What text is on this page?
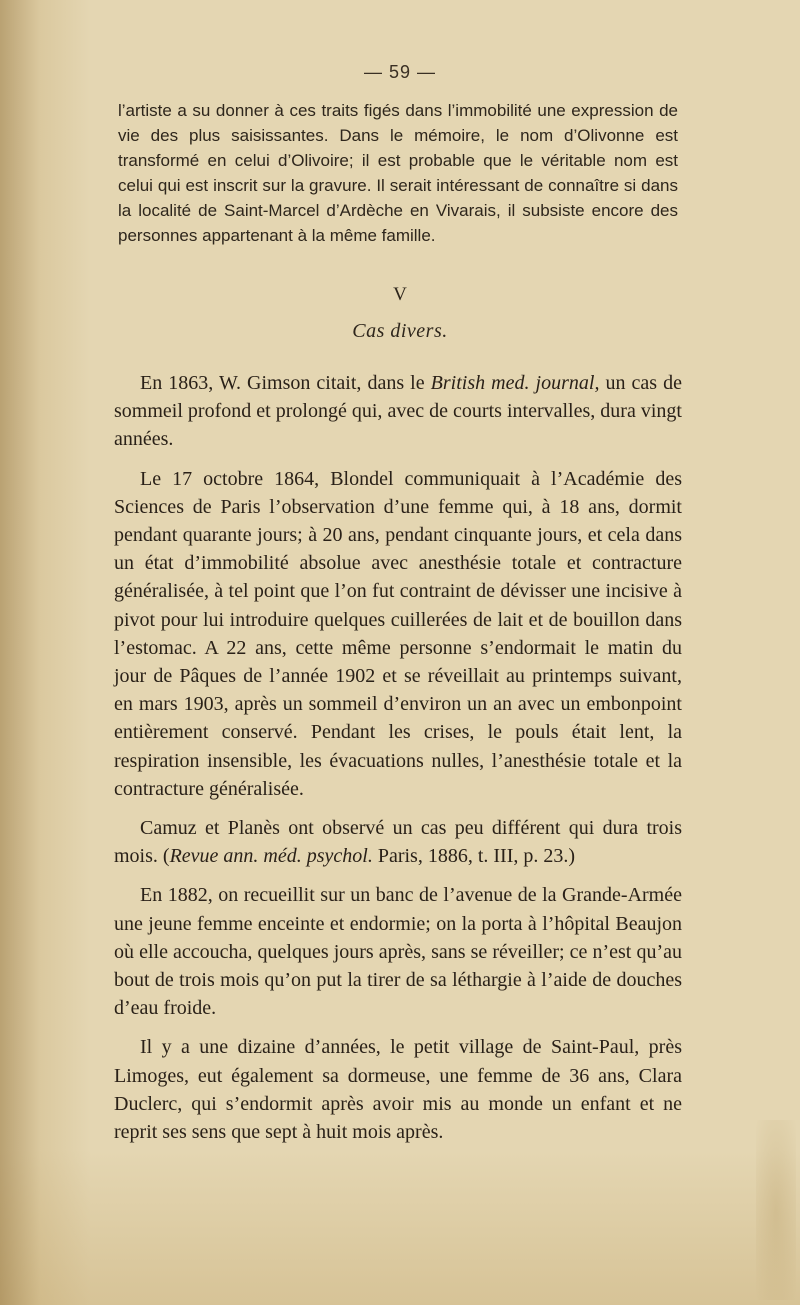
— 59 —
l’artiste a su donner à ces traits figés dans l’immobilité une expression de vie des plus saisissantes. Dans le mémoire, le nom d’Olivonne est transformé en celui d’Olivoire; il est probable que le véritable nom est celui qui est inscrit sur la gravure. Il serait intéressant de connaître si dans la localité de Saint-Marcel d’Ardèche en Vivarais, il subsiste encore des personnes appartenant à la même famille.
V
Cas divers.

En 1863, W. Gimson citait, dans le British med. journal, un cas de sommeil profond et prolongé qui, avec de courts intervalles, dura vingt années.

Le 17 octobre 1864, Blondel communiquait à l’Académie des Sciences de Paris l’observation d’une femme qui, à 18 ans, dormit pendant quarante jours; à 20 ans, pendant cinquante jours, et cela dans un état d’immobilité absolue avec anesthésie totale et contracture généralisée, à tel point que l’on fut contraint de dévisser une incisive à pivot pour lui introduire quelques cuillerées de lait et de bouillon dans l’estomac. A 22 ans, cette même personne s’endormait le matin du jour de Pâques de l’année 1902 et se réveillait au printemps suivant, en mars 1903, après un sommeil d’environ un an avec un embonpoint entièrement conservé. Pendant les crises, le pouls était lent, la respiration insensible, les évacuations nulles, l’anesthésie totale et la contracture généralisée.

Camuz et Planès ont observé un cas peu différent qui dura trois mois. (Revue ann. méd. psychol. Paris, 1886, t. III, p. 23.)

En 1882, on recueillit sur un banc de l’avenue de la Grande-Armée une jeune femme enceinte et endormie; on la porta à l’hôpital Beaujon où elle accoucha, quelques jours après, sans se réveiller; ce n’est qu’au bout de trois mois qu’on put la tirer de sa léthargie à l’aide de douches d’eau froide.

Il y a une dizaine d’années, le petit village de Saint-Paul, près Limoges, eut également sa dormeuse, une femme de 36 ans, Clara Duclerc, qui s’endormit après avoir mis au monde un enfant et ne reprit ses sens que sept à huit mois après.
